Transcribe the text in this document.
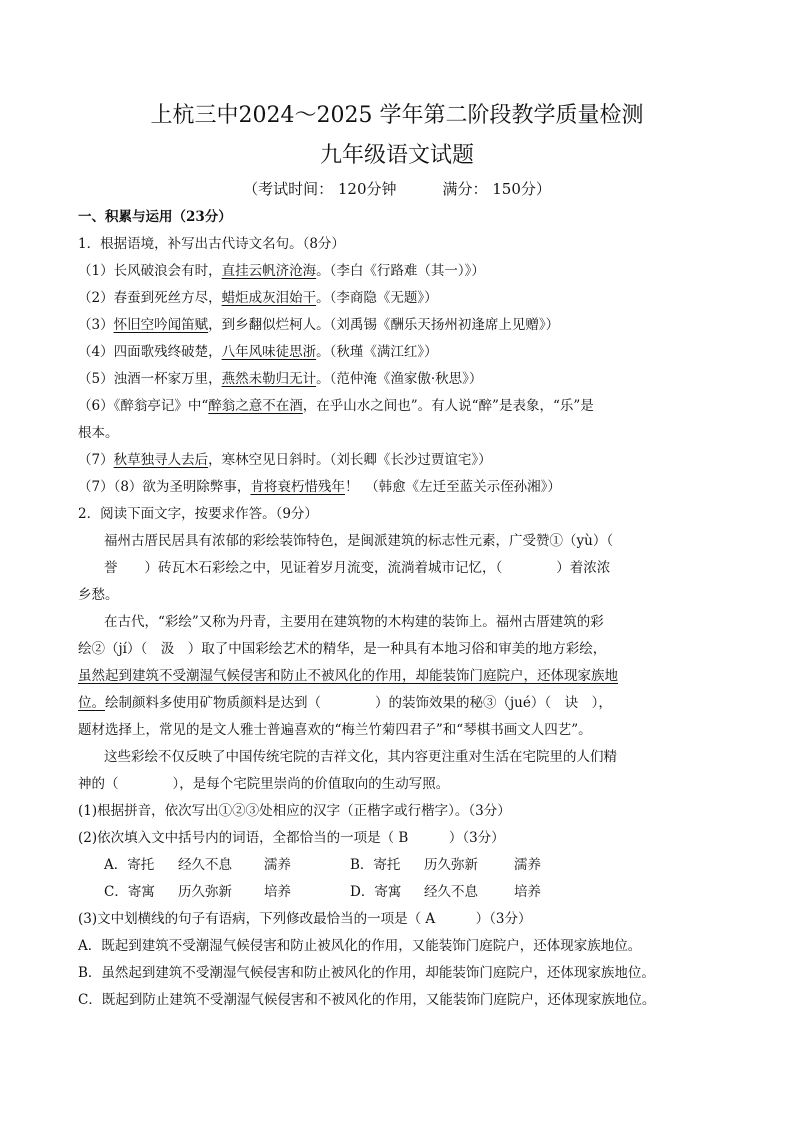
上杭三中2024～2025 学年第二阶段教学质量检测
九年级语文试题
（考试时间： 120分钟	满分： 150分）
一、积累与运用（23分）
1．根据语境，补写出古代诗文名句。（8分）
（1）长风破浪会有时，直挂云帆济沧海。（李白《行路难（其一）》）
（2）春蚕到死丝方尽，蜡炬成灰泪始干。（李商隐《无题》）
（3）怀旧空吟闻笛赋，到乡翻似烂柯人。（刘禹锡《酬乐天扬州初逢席上见赠》）
（4）四面歌残终破楚，八年风味徒思浙。（秋瑾《满江红》）
（5）浊酒一杯家万里，燕然未勒归无计。（范仲淹《渔家傲·秋思》）
（6）《醉翁亭记》中“醉翁之意不在酒，在乎山水之间也”。有人说“醉”是表象，“乐”是
根本。
（7）秋草独寻人去后，寒林空见日斜时。（刘长卿《长沙过贾谊宅》）
（7）（8）欲为圣明除弊事，肯将衰朽惜残年！　（韩愈《左迁至蓝关示侄孙湘》）
2．阅读下面文字，按要求作答。（9分）
福州古厝民居具有浓郁的彩绘装饰特色，是闽派建筑的标志性元素，广受赞①（yù）（
誉　　）砖瓦木石彩绘之中，见证着岁月流变，流淌着城市记忆，（　　　　）着浓浓
乡愁。
在古代，“彩绘”又称为丹青，主要用在建筑物的木构建的装饰上。福州古厝建筑的彩
绘②（jí）（　汲　）取了中国彩绘艺术的精华，是一种具有本地习俗和审美的地方彩绘，
虽然起到建筑不受潮湿气候侵害和防止不被风化的作用，却能装饰门庭院户，还体现家族地
位。绘制颜料多使用矿物质颜料是达到（　　　　）的装饰效果的秘③（jué）（　诀　），
题材选择上，常见的是文人雅士普遍喜欢的“梅兰竹菊四君子”和“琴棋书画文人四艺”。
这些彩绘不仅反映了中国传统宅院的吉祥文化，其内容更注重对生活在宅院里的人们精
神的（　　　　），是每个宅院里崇尚的价值取向的生动写照。
(1)根据拼音，依次写出①②③处相应的汉字（正楷字或行楷字）。（3分）
(2)依次填入文中括号内的词语，全都恰当的一项是（ B　　　）（3分）
A．寄托 经久不息 濡养	B．寄托 历久弥新	濡养
C．寄寓 历久弥新 培养	D．寄寓 经久不息	培养
(3)文中划横线的句子有语病，下列修改最恰当的一项是（ A　　　）（3分）
A．既起到建筑不受潮湿气候侵害和防止被风化的作用，又能装饰门庭院户，还体现家族地位。
B．虽然起到建筑不受潮湿气候侵害和防止被风化的作用，却能装饰门庭院户，还体现家族地位。
C．既起到防止建筑不受潮湿气候侵害和不被风化的作用，又能装饰门庭院户，还体现家族地位。
